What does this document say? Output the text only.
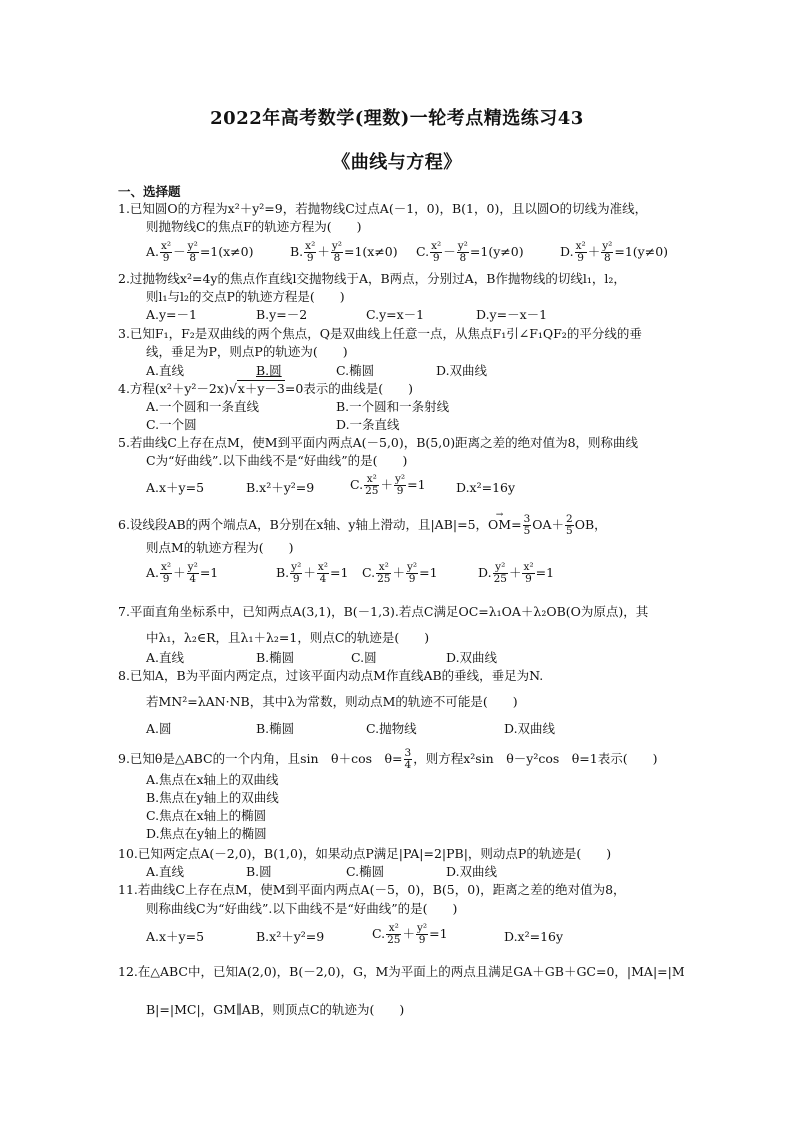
2022年高考数学(理数)一轮考点精选练习43
《曲线与方程》
一、选择题
1.已知圆O的方程为x²＋y²=9，若抛物线C过点A(－1，0)，B(1，0)，且以圆O的切线为准线，
则抛物线C的焦点F的轨迹方程为(　　)
A. $\frac{\text{x²}}{9} - \frac{\text{y²}}{8} =1(x\ne 0)$	B. $\frac{\text{x²}}{9} + \frac{\text{y²}}{8} =1(x\ne 0)$ C. $\frac{\text{x²}}{9} - \frac{\text{y²}}{8} =1(y\ne 0)$	D. $\frac{\text{x²}}{9} + \frac{\text{y²}}{8} =1(y\ne 0)$
2.过抛物线x²=4y的焦点作直线l交抛物线于A，B两点，分别过A，B作抛物线的切线l₁，l₂，
则l₁与l₂的交点P的轨迹方程是(　　)
A.y=－1	B.y=－2	C.y=x－1	D.y=－x－1
3.已知F₁，F₂是双曲线的两个焦点，Q是双曲线上任意一点，从焦点F₁引∠F₁QF₂的平分线的垂
线，垂足为P，则点P的轨迹为(　　)
A.直线	B.圆	C.椭圆	D.双曲线
4.方程(x²＋y²－2x)√x＋y－3=0表示的曲线是(　　)
A.一个圆和一条直线	B.一个圆和一条射线
C.一个圆	D.一条直线
5.若曲线C上存在点M，使M到平面内两点A(－5,0)，B(5,0)距离之差的绝对值为8，则称曲线
C为“好曲线”.以下曲线不是“好曲线”的是(　　)
A.x＋y=5	B.x²＋y²=9	C. $\frac{\text{x²}}{25} + \frac{\text{y²}}{9} =1$ D.x²=16y
6.设线段AB的两个端点A，B分别在x轴、y轴上滑动，且|AB|=5，→ $OM= \frac{3}{5} OA+ \frac{2}{5}$ OB，
则点M的轨迹方程为(　　)
A. $\frac{\text{x²}}{9} + \frac{\text{y²}}{4} =1$	B. $\frac{\text{y²}}{9} + \frac{\text{x²}}{4} =1$ C. $\frac{\text{x²}}{25} + \frac{\text{y²}}{9} =1$	D. $\frac{\text{y²}}{25} + \frac{\text{x²}}{9} =1$
7.平面直角坐标系中，已知两点A(3,1)，B(－1,3).若点C满足OC=λ₁OA＋λ₂OB(O为原点)，其
中λ₁，λ₂∈R，且λ₁＋λ₂=1，则点C的轨迹是(　　)
A.直线	B.椭圆	C.圆	D.双曲线
8.已知A，B为平面内两定点，过该平面内动点M作直线AB的垂线，垂足为N.
若MN²=λAN·NB，其中λ为常数，则动点M的轨迹不可能是(　　)
A.圆	B.椭圆	C.抛物线	D.双曲线
9.已知θ是△ABC的一个内角，且sin　θ＋cos　$\theta= \frac{3}{4}$ ，则方程x²sin　θ－y²cos　θ=1表示(　　)
A.焦点在x轴上的双曲线
B.焦点在y轴上的双曲线
C.焦点在x轴上的椭圆
D.焦点在y轴上的椭圆
10.已知两定点A(－2,0)，B(1,0)，如果动点P满足|PA|=2|PB|，则动点P的轨迹是(　　)
A.直线	B.圆	C.椭圆	D.双曲线
11.若曲线C上存在点M，使M到平面内两点A(－5，0)，B(5，0)，距离之差的绝对值为8，
则称曲线C为“好曲线”.以下曲线不是“好曲线”的是(　　)
A.x＋y=5	B.x²＋y²=9	C. $\frac{\text{x²}}{25} + \frac{\text{y²}}{9} =1$	D.x²=16y
12.在△ABC中，已知A(2,0)，B(－2,0)，G，M为平面上的两点且满足GA＋GB＋GC=0，|MA|=|M
B|=|MC|，GM∥AB，则顶点C的轨迹为(　　)
